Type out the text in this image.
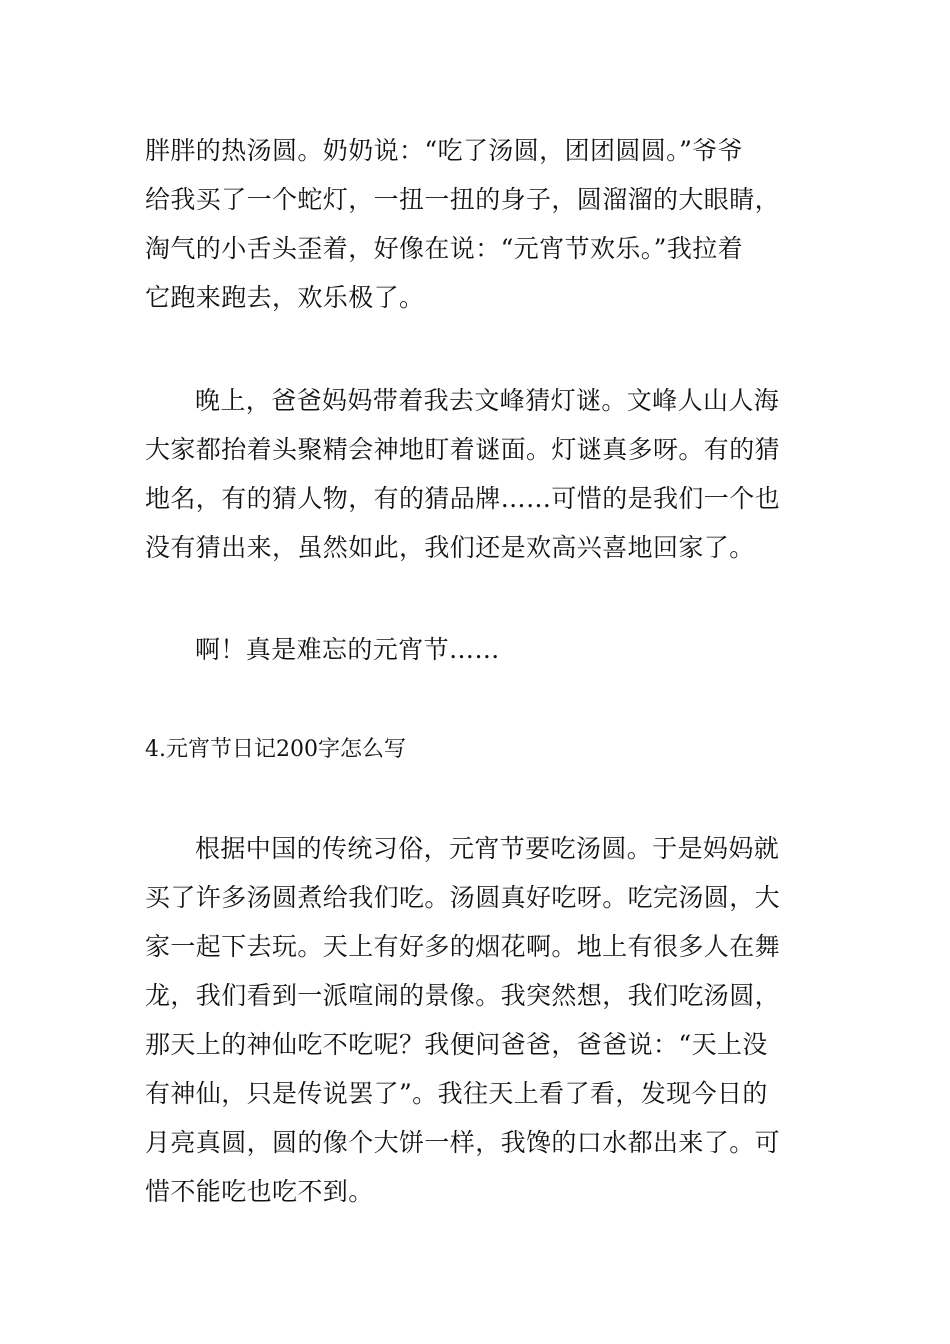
胖胖的热汤圆。奶奶说：“吃了汤圆，团团圆圆。”爷爷
给我买了一个蛇灯，一扭一扭的身子，圆溜溜的大眼睛，
淘气的小舌头歪着，好像在说：“元宵节欢乐。”我拉着
它跑来跑去，欢乐极了。

晚上，爸爸妈妈带着我去文峰猜灯谜。文峰人山人海
大家都抬着头聚精会神地盯着谜面。灯谜真多呀。有的猜
地名，有的猜人物，有的猜品牌……可惜的是我们一个也
没有猜出来，虽然如此，我们还是欢高兴喜地回家了。

啊！真是难忘的元宵节……

4.元宵节日记200字怎么写

根据中国的传统习俗，元宵节要吃汤圆。于是妈妈就
买了许多汤圆煮给我们吃。汤圆真好吃呀。吃完汤圆，大
家一起下去玩。天上有好多的烟花啊。地上有很多人在舞
龙，我们看到一派喧闹的景像。我突然想，我们吃汤圆，
那天上的神仙吃不吃呢？我便问爸爸，爸爸说：“天上没
有神仙，只是传说罢了”。我往天上看了看，发现今日的
月亮真圆，圆的像个大饼一样，我馋的口水都出来了。可
惜不能吃也吃不到。
